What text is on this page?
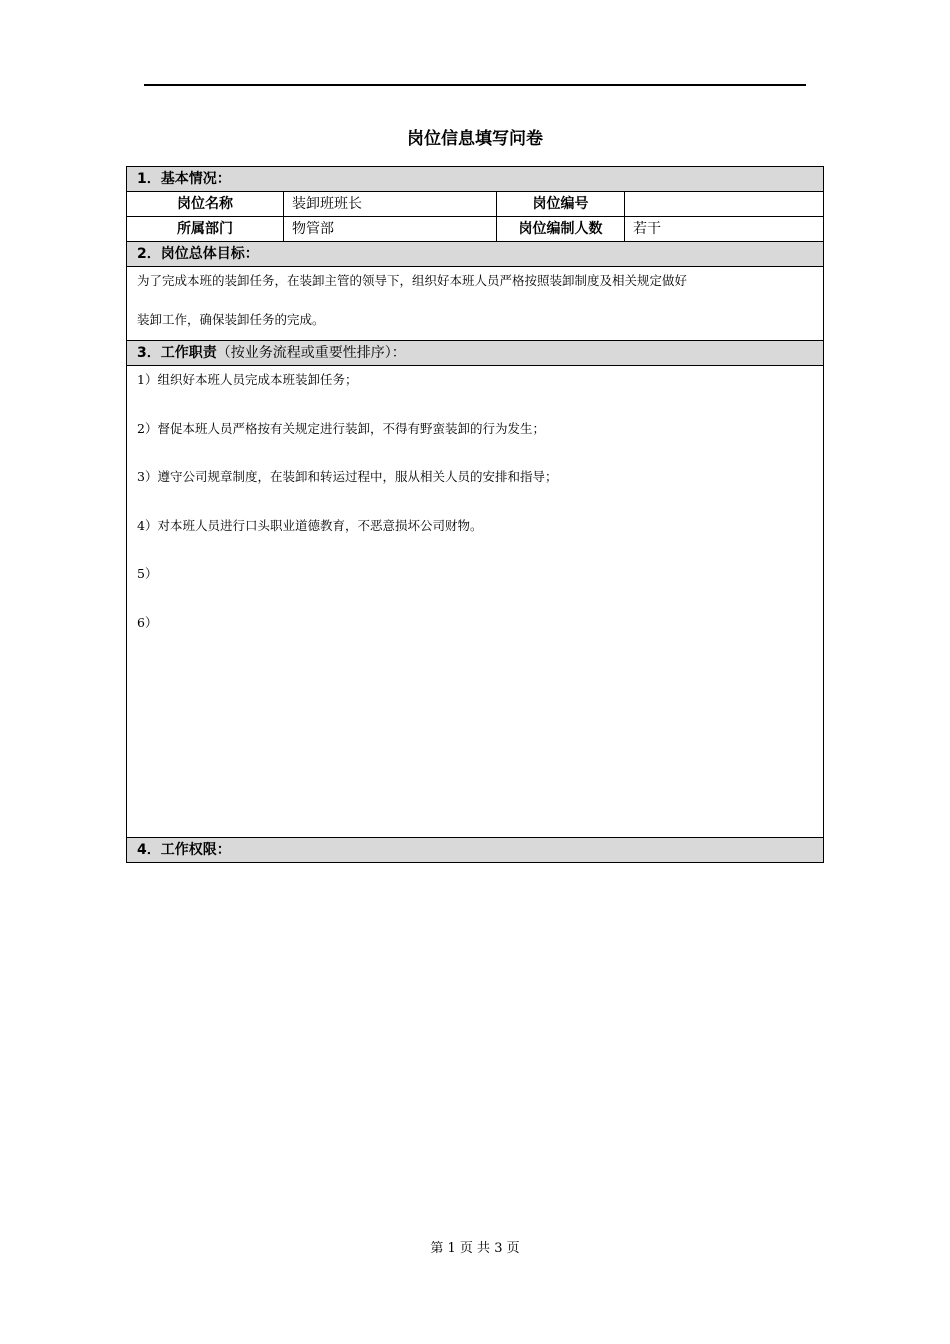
岗位信息填写问卷
1．基本情况：
岗位名称	装卸班班长	岗位编号
所属部门	物管部	岗位编制人数	若干
2．岗位总体目标：

为了完成本班的装卸任务，在装卸主管的领导下，组织好本班人员严格按照装卸制度及相关规定做好

装卸工作，确保装卸任务的完成。

3．工作职责（按业务流程或重要性排序）：
1）组织好本班人员完成本班装卸任务；
2）督促本班人员严格按有关规定进行装卸，不得有野蛮装卸的行为发生；
3）遵守公司规章制度，在装卸和转运过程中，服从相关人员的安排和指导；
4）对本班人员进行口头职业道德教育，不恶意损坏公司财物。
5）
6）
4．工作权限：
第 1 页 共 3 页
